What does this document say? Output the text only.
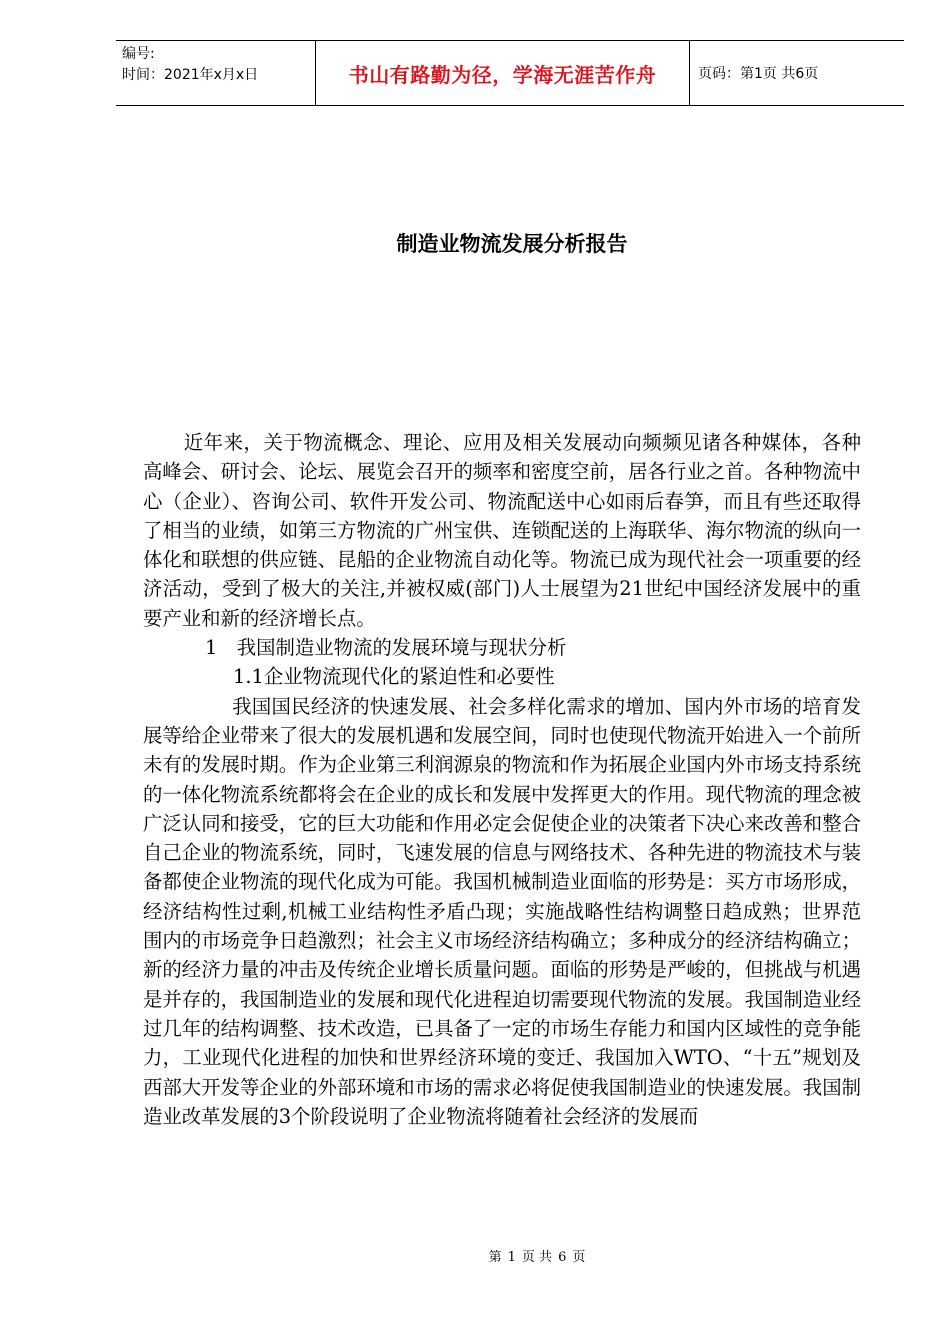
编号:
时间：2021年x月x日	书山有路勤为径，学海无涯苦作舟	页码：第1页 共6页
制造业物流发展分析报告

近年来，关于物流概念、理论、应用及相关发展动向频频见诸各种媒体，各种高峰会、研讨会、论坛、展览会召开的频率和密度空前，居各行业之首。各种物流中心（企业）、咨询公司、软件开发公司、物流配送中心如雨后春笋，而且有些还取得了相当的业绩，如第三方物流的广州宝供、连锁配送的上海联华、海尔物流的纵向一体化和联想的供应链、昆船的企业物流自动化等。物流已成为现代社会一项重要的经济活动，受到了极大的关注,并被权威(部门)人士展望为21世纪中国经济发展中的重要产业和新的经济增长点。

1　我国制造业物流的发展环境与现状分析

1.1企业物流现代化的紧迫性和必要性

我国国民经济的快速发展、社会多样化需求的增加、国内外市场的培育发展等给企业带来了很大的发展机遇和发展空间，同时也使现代物流开始进入一个前所未有的发展时期。作为企业第三利润源泉的物流和作为拓展企业国内外市场支持系统的一体化物流系统都将会在企业的成长和发展中发挥更大的作用。现代物流的理念被广泛认同和接受，它的巨大功能和作用必定会促使企业的决策者下决心来改善和整合自己企业的物流系统，同时，飞速发展的信息与网络技术、各种先进的物流技术与装备都使企业物流的现代化成为可能。我国机械制造业面临的形势是：买方市场形成，经济结构性过剩,机械工业结构性矛盾凸现；实施战略性结构调整日趋成熟；世界范围内的市场竞争日趋激烈；社会主义市场经济结构确立；多种成分的经济结构确立；新的经济力量的冲击及传统企业增长质量问题。面临的形势是严峻的，但挑战与机遇是并存的，我国制造业的发展和现代化进程迫切需要现代物流的发展。我国制造业经过几年的结构调整、技术改造，已具备了一定的市场生存能力和国内区域性的竞争能力，工业现代化进程的加快和世界经济环境的变迁、我国加入WTO、“十五”规划及西部大开发等企业的外部环境和市场的需求必将促使我国制造业的快速发展。我国制造业改革发展的3个阶段说明了企业物流将随着社会经济的发展而

第 1 页 共 6 页
